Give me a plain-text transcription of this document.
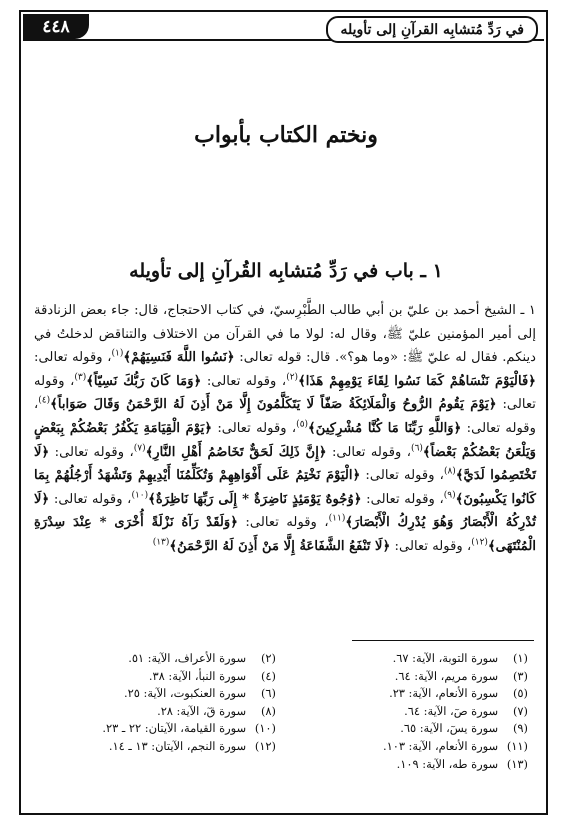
٤٤٨	في رَدِّ مُتشابِه القرآنِ إلى تأويله
ونختم الكتاب بأبواب
١ ـ باب في رَدِّ مُتشابِه القُرآنِ إلى تأويله

١ ـ الشيخ أحمد بن عليّ بن أبي طالب الطَّبْرِسيّ، في كتاب الاحتجاج، قال: جاء بعض الزنادقة إلى أمير المؤمنين عليّ ﷺ، وقال له: لولا ما في القرآن من الاختلاف والتناقض لدخلتُ في دينكم. فقال له عليّ ﷺ: «وما هو؟». قال: قوله تعالى: ﴿نَسُوا اللَّهَ فَنَسِيَهُمْ﴾$^{(١)}$، وقوله تعالى: ﴿فَالْيَوْمَ نَنْسَاهُمْ كَمَا نَسُوا لِقَاءَ يَوْمِهِمْ هَذَا﴾$^{(٢)}$، وقوله تعالى: ﴿وَمَا كَانَ رَبُّكَ نَسِيّاً﴾$^{(٣)}$، وقوله تعالى: ﴿يَوْمَ يَقُومُ الرُّوحُ وَالْمَلَائِكَةُ صَفّاً لَا يَتَكَلَّمُونَ إِلَّا مَنْ أَذِنَ لَهُ الرَّحْمَنُ وَقَالَ صَوَاباً﴾$^{(٤)}$، وقوله تعالى: ﴿وَاللَّهِ رَبِّنَا مَا كُنَّا مُشْرِكِينَ﴾$^{(٥)}$، وقوله تعالى: ﴿يَوْمَ الْقِيَامَةِ يَكْفُرُ بَعْضُكُمْ بِبَعْضٍ وَيَلْعَنُ بَعْضُكُمْ بَعْضاً﴾$^{(٦)}$، وقوله تعالى: ﴿إِنَّ ذَلِكَ لَحَقٌّ تَخَاصُمُ أَهْلِ النَّارِ﴾$^{(٧)}$، وقوله تعالى: ﴿لَا تَخْتَصِمُوا لَدَيَّ﴾$^{(٨)}$، وقوله تعالى: ﴿الْيَوْمَ نَخْتِمُ عَلَى أَفْوَاهِهِمْ وَتُكَلِّمُنَا أَيْدِيهِمْ وَتَشْهَدُ أَرْجُلُهُمْ بِمَا كَانُوا يَكْسِبُونَ﴾$^{(٩)}$، وقوله تعالى: ﴿وُجُوهٌ يَوْمَئِذٍ نَاضِرَةٌ * إِلَى رَبِّهَا نَاظِرَةٌ﴾$^{(١٠)}$، وقوله تعالى: ﴿لَا تُدْرِكُهُ الْأَبْصَارُ وَهُوَ يُدْرِكُ الْأَبْصَارَ﴾$^{(١١)}$، وقوله تعالى: ﴿وَلَقَدْ رَآهُ نَزْلَةً أُخْرَى * عِنْدَ سِدْرَةِ الْمُنْتَهَى﴾$^{(١٢)}$، وقوله تعالى: ﴿لَا تَنْفَعُ الشَّفَاعَةُ إِلَّا مَنْ أَذِنَ لَهُ الرَّحْمَنُ﴾$^{(١٣)}$

(١)سورة التوبة، الآية: ٦٧.
(٢)سورة الأعراف، الآية: ٥١.
(٣)سورة مريم، الآية: ٦٤.
(٤)سورة النبأ، الآية: ٣٨.
(٥)سورة الأنعام، الآية: ٢٣.
(٦)سورة العنكبوت، الآية: ٢٥.
(٧)سورة صٓ، الآية: ٦٤.
(٨)سورة قٓ، الآية: ٢٨.
(٩)سورة يسٓ، الآية: ٦٥.
(١٠)سورة القيامة، الآيتان: ٢٢ ـ ٢٣.
(١١)سورة الأنعام، الآية: ١٠٣.
(١٢)سورة النجم، الآيتان: ١٣ ـ ١٤.
(١٣)سورة طه، الآية: ١٠٩.
